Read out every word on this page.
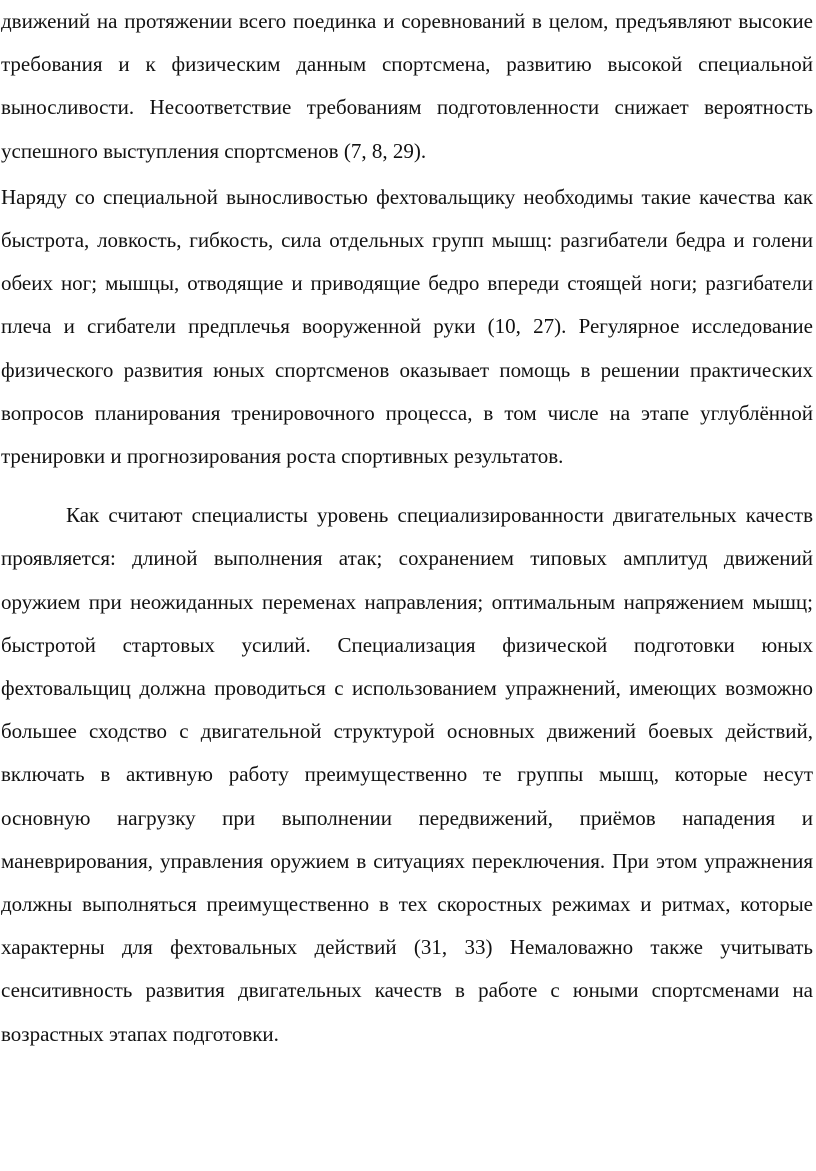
движений на протяжении всего поединка и соревнований в целом, предъявляют высокие требования и к физическим данным спортсмена, развитию высокой специальной выносливости. Несоответствие требованиям подготовленности снижает вероятность успешного выступления спортсменов (7, 8, 29).

Наряду со специальной выносливостью фехтовальщику необходимы такие качества как быстрота, ловкость, гибкость, сила отдельных групп мышц: разгибатели бедра и голени обеих ног; мышцы, отводящие и приводящие бедро впереди стоящей ноги; разгибатели плеча и сгибатели предплечья вооруженной руки (10, 27). Регулярное исследование физического развития юных спортсменов оказывает помощь в решении практических вопросов планирования тренировочного процесса, в том числе на этапе углублённой тренировки и прогнозирования роста спортивных результатов.

Как считают специалисты уровень специализированности двигательных качеств проявляется: длиной выполнения атак; сохранением типовых амплитуд движений оружием при неожиданных переменах направления; оптимальным напряжением мышц; быстротой стартовых усилий. Специализация физической подготовки юных фехтовальщиц должна проводиться с использованием упражнений, имеющих возможно большее сходство с двигательной структурой основных движений боевых действий, включать в активную работу преимущественно те группы мышц, которые несут основную нагрузку при выполнении передвижений, приёмов нападения и маневрирования, управления оружием в ситуациях переключения. При этом упражнения должны выполняться преимущественно в тех скоростных режимах и ритмах, которые характерны для фехтовальных действий (31, 33) Немаловажно также учитывать сенситивность развития двигательных качеств в работе с юными спортсменами на возрастных этапах подготовки.
